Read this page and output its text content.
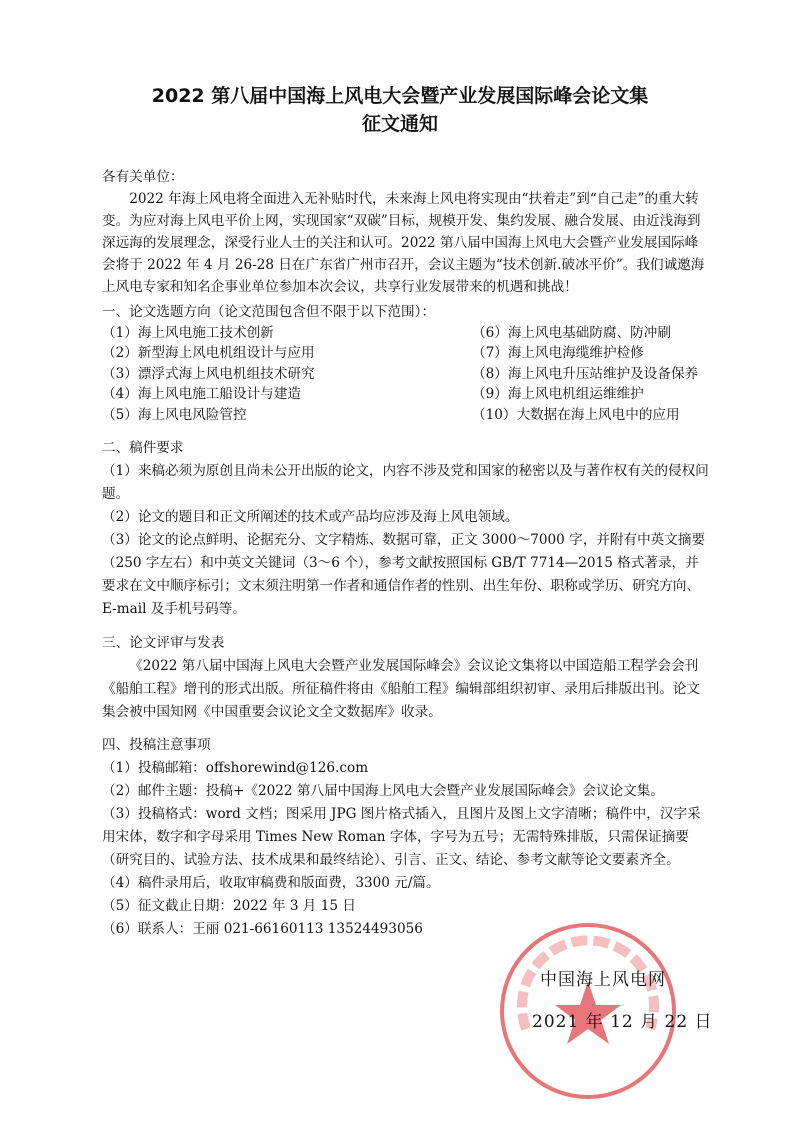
2022 第八届中国海上风电大会暨产业发展国际峰会论文集
征文通知

各有关单位：

2022 年海上风电将全面进入无补贴时代，未来海上风电将实现由“扶着走”到“自己走”的重大转变。为应对海上风电平价上网，实现国家“双碳”目标，规模开发、集约发展、融合发展、由近浅海到深远海的发展理念，深受行业人士的关注和认可。2022 第八届中国海上风电大会暨产业发展国际峰会将于 2022 年 4 月 26-28 日在广东省广州市召开，会议主题为“技术创新.破冰平价”。我们诚邀海上风电专家和知名企事业单位参加本次会议，共享行业发展带来的机遇和挑战！

一、论文选题方向（论文范围包含但不限于以下范围）：
（1）海上风电施工技术创新	（6）海上风电基础防腐、防冲刷
（2）新型海上风电机组设计与应用	（7）海上风电海缆维护检修
（3）漂浮式海上风电机组技术研究	（8）海上风电升压站维护及设备保养
（4）海上风电施工船设计与建造	（9）海上风电机组运维维护
（5）海上风电风险管控	（10）大数据在海上风电中的应用

二、稿件要求

（1）来稿必须为原创且尚未公开出版的论文，内容不涉及党和国家的秘密以及与著作权有关的侵权问题。

（2）论文的题目和正文所阐述的技术或产品均应涉及海上风电领域。

（3）论文的论点鲜明、论据充分、文字精炼、数据可靠，正文 3000～7000 字，并附有中英文摘要（250 字左右）和中英文关键词（3～6 个），参考文献按照国标 GB/T 7714—2015 格式著录，并要求在文中顺序标引；文末须注明第一作者和通信作者的性别、出生年份、职称或学历、研究方向、E-mail 及手机号码等。

三、论文评审与发表

《2022 第八届中国海上风电大会暨产业发展国际峰会》会议论文集将以中国造船工程学会会刊《船舶工程》增刊的形式出版。所征稿件将由《船舶工程》编辑部组织初审、录用后排版出刊。论文集会被中国知网《中国重要会议论文全文数据库》收录。

四、投稿注意事项

（1）投稿邮箱：offshorewind@126.com

（2）邮件主题：投稿+《2022 第八届中国海上风电大会暨产业发展国际峰会》会议论文集。

（3）投稿格式：word 文档；图采用 JPG 图片格式插入，且图片及图上文字清晰；稿件中，汉字采用宋体，数字和字母采用 Times New Roman 字体，字号为五号；无需特殊排版，只需保证摘要（研究目的、试验方法、技术成果和最终结论）、引言、正文、结论、参考文献等论文要素齐全。

（4）稿件录用后，收取审稿费和版面费，3300 元/篇。

（5）征文截止日期：2022 年 3 月 15 日

（6）联系人：王丽 021-66160113 13524493056

中国海上风电网
2021 年 12 月 22 日
